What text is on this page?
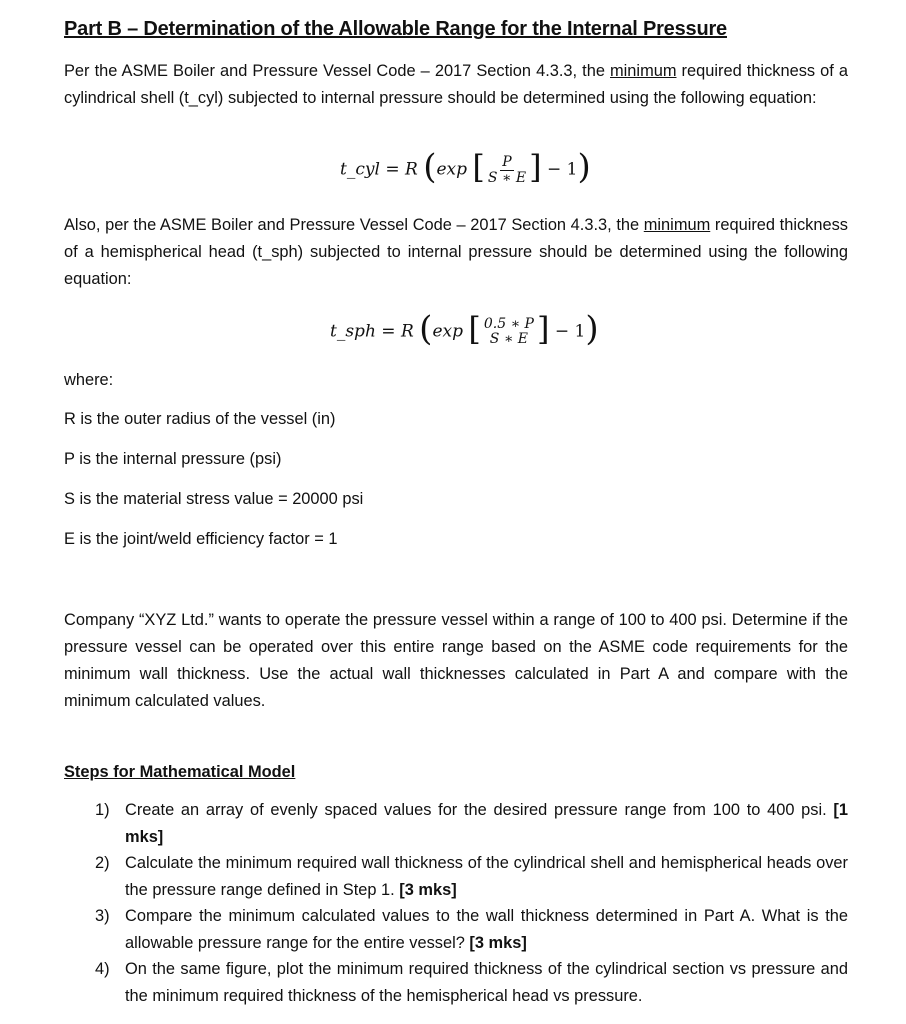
Part B – Determination of the Allowable Range for the Internal Pressure
Per the ASME Boiler and Pressure Vessel Code – 2017 Section 4.3.3, the minimum required thickness of a cylindrical shell (t_cyl) subjected to internal pressure should be determined using the following equation:
t_cyl = R (exp [ $\frac{P}{S ∗ E}$ ] − 1)
Also, per the ASME Boiler and Pressure Vessel Code – 2017 Section 4.3.3, the minimum required thickness of a hemispherical head (t_sph) subjected to internal pressure should be determined using the following equation:
t_sph = R (exp [ 0.5 ∗ P
S ∗ E ] − 1)
where:
R is the outer radius of the vessel (in)
P is the internal pressure (psi)
S is the material stress value = 20000 psi
E is the joint/weld efficiency factor = 1
Company “XYZ Ltd.” wants to operate the pressure vessel within a range of 100 to 400 psi. Determine if the pressure vessel can be operated over this entire range based on the ASME code requirements for the minimum wall thickness. Use the actual wall thicknesses calculated in Part A and compare with the minimum calculated values.
Steps for Mathematical Model
1) Create an array of evenly spaced values for the desired pressure range from 100 to 400 psi. [1 mks]
2) Calculate the minimum required wall thickness of the cylindrical shell and hemispherical heads over the pressure range defined in Step 1. [3 mks]
3) Compare the minimum calculated values to the wall thickness determined in Part A. What is the allowable pressure range for the entire vessel? [3 mks]
4) On the same figure, plot the minimum required thickness of the cylindrical section vs pressure and the minimum required thickness of the hemispherical head vs pressure.
